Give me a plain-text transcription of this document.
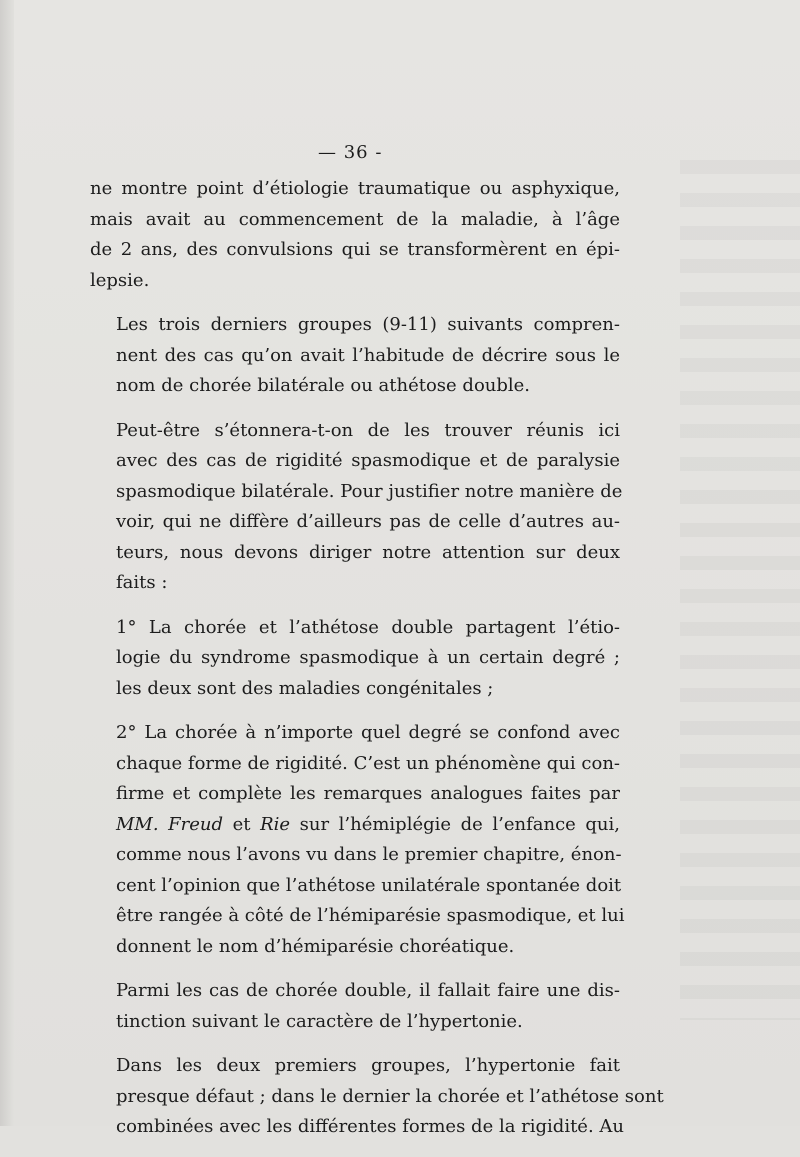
— 36 -

ne montre point d’étiologie traumatique ou asphyxique,
mais avait au commencement de la maladie, à l’âge
de 2 ans, des convulsions qui se transformèrent en épi-
lepsie.

Les trois derniers groupes (9-11) suivants compren-
nent des cas qu’on avait l’habitude de décrire sous le
nom de chorée bilatérale ou athétose double.

Peut-être s’étonnera-t-on de les trouver réunis ici
avec des cas de rigidité spasmodique et de paralysie
spasmodique bilatérale. Pour justifier notre manière de
voir, qui ne diffère d’ailleurs pas de celle d’autres au-
teurs, nous devons diriger notre attention sur deux
faits :

1° La chorée et l’athétose double partagent l’étio-
logie du syndrome spasmodique à un certain degré ;
les deux sont des maladies congénitales ;

2° La chorée à n’importe quel degré se confond avec
chaque forme de rigidité. C’est un phénomène qui con-
firme et complète les remarques analogues faites par
MM. Freud et Rie sur l’hémiplégie de l’enfance qui,
comme nous l’avons vu dans le premier chapitre, énon-
cent l’opinion que l’athétose unilatérale spontanée doit
être rangée à côté de l’hémiparésie spasmodique, et lui
donnent le nom d’hémiparésie choréatique.

Parmi les cas de chorée double, il fallait faire une dis-
tinction suivant le caractère de l’hypertonie.

Dans les deux premiers groupes, l’hypertonie fait
presque défaut ; dans le dernier la chorée et l’athétose sont
combinées avec les différentes formes de la rigidité. Au
